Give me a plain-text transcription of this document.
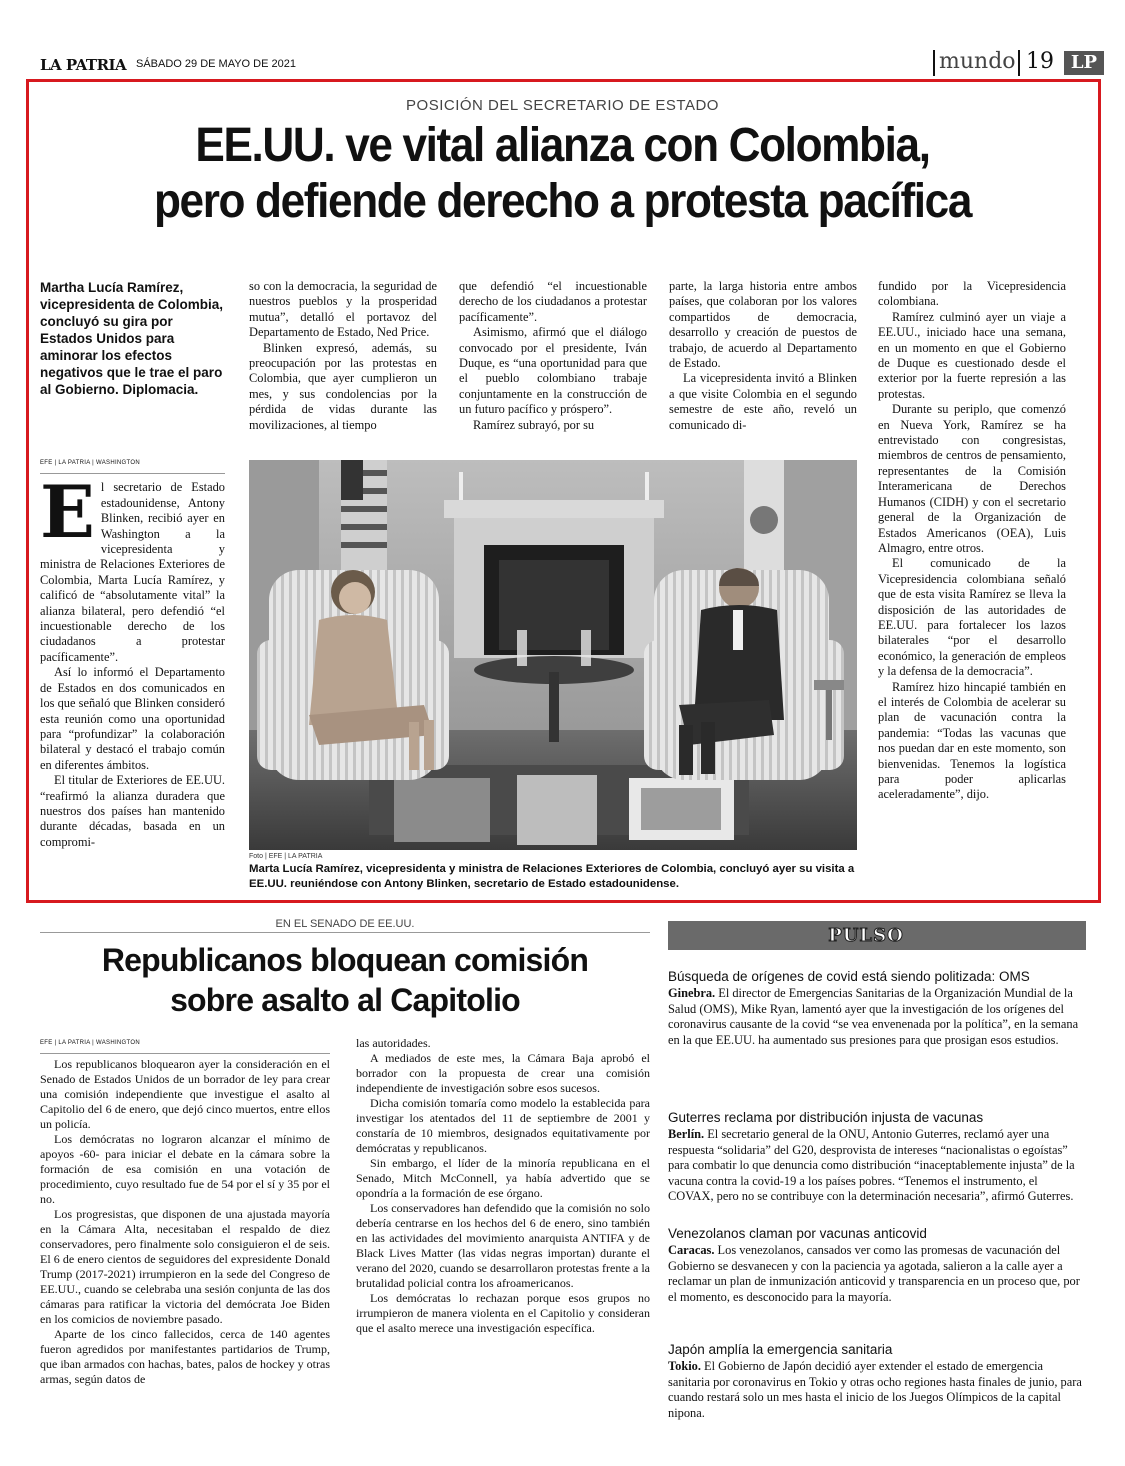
LA PATRIA SÁBADO 29 DE MAYO DE 2021	mundo 19 LP
POSICIÓN DEL SECRETARIO DE ESTADO
EE.UU. ve vital alianza con Colombia,
pero defiende derecho a protesta pacífica
Martha Lucía Ramírez, vicepresidenta de Colombia, concluyó su gira por Estados Unidos para aminorar los efectos negativos que le trae el paro al Gobierno. Diplomacia.
EFE | LA PATRIA | WASHINGTON
E l secretario de Estado estadounidense, Antony Blinken, recibió ayer en Washington a la vicepresidenta y ministra de Relaciones Exteriores de Colombia, Marta Lucía Ramírez, y calificó de “absolutamente vital” la alianza bilateral, pero defendió “el incuestionable derecho de los ciudadanos a protestar pacíficamente”.

Así lo informó el Departamento de Estados en dos comunicados en los que señaló que Blinken consideró esta reunión como una oportunidad para “profundizar” la colaboración bilateral y destacó el trabajo común en diferentes ámbitos.

El titular de Exteriores de EE.UU. “reafirmó la alianza duradera que nuestros dos países han mantenido durante décadas, basada en un compromi-

so con la democracia, la seguridad de nuestros pueblos y la prosperidad mutua”, detalló el portavoz del Departamento de Estado, Ned Price.

Blinken expresó, además, su preocupación por las protestas en Colombia, que ayer cumplieron un mes, y sus condolencias por la pérdida de vidas durante las movilizaciones, al tiempo

que defendió “el incuestionable derecho de los ciudadanos a protestar pacíficamente”.

Asimismo, afirmó que el diálogo convocado por el presidente, Iván Duque, es “una oportunidad para que el pueblo colombiano trabaje conjuntamente en la construcción de un futuro pacífico y próspero”.

Ramírez subrayó, por su

parte, la larga historia entre ambos países, que colaboran por los valores compartidos de democracia, desarrollo y creación de puestos de trabajo, de acuerdo al Departamento de Estado.

La vicepresidenta invitó a Blinken a que visite Colombia en el segundo semestre de este año, reveló un comunicado di-

fundido por la Vicepresidencia colombiana.

Ramírez culminó ayer un viaje a EE.UU., iniciado hace una semana, en un momento en que el Gobierno de Duque es cuestionado desde el exterior por la fuerte represión a las protestas.

Durante su periplo, que comenzó en Nueva York, Ramírez se ha entrevistado con congresistas, miembros de centros de pensamiento, representantes de la Comisión Interamericana de Derechos Humanos (CIDH) y con el secretario general de la Organización de Estados Americanos (OEA), Luis Almagro, entre otros.

El comunicado de la Vicepresidencia colombiana señaló que de esta visita Ramírez se lleva la disposición de las autoridades de EE.UU. para fortalecer los lazos bilaterales “por el desarrollo económico, la generación de empleos y la defensa de la democracia”.

Ramírez hizo hincapié también en el interés de Colombia de acelerar su plan de vacunación contra la pandemia: “Todas las vacunas que nos puedan dar en este momento, son bienvenidas. Tenemos la logística para poder aplicarlas aceleradamente”, dijo.

Foto | EFE | LA PATRIA
Marta Lucía Ramírez, vicepresidenta y ministra de Relaciones Exteriores de Colombia, concluyó ayer su visita a EE.UU. reuniéndose con Antony Blinken, secretario de Estado estadounidense.
EN EL SENADO DE EE.UU.
Republicanos bloquean comisión
sobre asalto al Capitolio
EFE | LA PATRIA | WASHINGTON

Los republicanos bloquearon ayer la consideración en el Senado de Estados Unidos de un borrador de ley para crear una comisión independiente que investigue el asalto al Capitolio del 6 de enero, que dejó cinco muertos, entre ellos un policía.

Los demócratas no lograron alcanzar el mínimo de apoyos -60- para iniciar el debate en la cámara sobre la formación de esa comisión en una votación de procedimiento, cuyo resultado fue de 54 por el sí y 35 por el no.

Los progresistas, que disponen de una ajustada mayoría en la Cámara Alta, necesitaban el respaldo de diez conservadores, pero finalmente solo consiguieron el de seis. El 6 de enero cientos de seguidores del expresidente Donald Trump (2017-2021) irrumpieron en la sede del Congreso de EE.UU., cuando se celebraba una sesión conjunta de las dos cámaras para ratificar la victoria del demócrata Joe Biden en los comicios de noviembre pasado.

Aparte de los cinco fallecidos, cerca de 140 agentes fueron agredidos por manifestantes partidarios de Trump, que iban armados con hachas, bates, palos de hockey y otras armas, según datos de

las autoridades.

A mediados de este mes, la Cámara Baja aprobó el borrador con la propuesta de crear una comisión independiente de investigación sobre esos sucesos.

Dicha comisión tomaría como modelo la establecida para investigar los atentados del 11 de septiembre de 2001 y constaría de 10 miembros, designados equitativamente por demócratas y republicanos.

Sin embargo, el líder de la minoría republicana en el Senado, Mitch McConnell, ya había advertido que se opondría a la formación de ese órgano.

Los conservadores han defendido que la comisión no solo debería centrarse en los hechos del 6 de enero, sino también en las actividades del movimiento anarquista ANTIFA y de Black Lives Matter (las vidas negras importan) durante el verano del 2020, cuando se desarrollaron protestas frente a la brutalidad policial contra los afroamericanos.

Los demócratas lo rechazan porque esos grupos no irrumpieron de manera violenta en el Capitolio y consideran que el asalto merece una investigación específica.

PULSO
Búsqueda de orígenes de covid está siendo politizada: OMS

Ginebra. El director de Emergencias Sanitarias de la Organización Mundial de la Salud (OMS), Mike Ryan, lamentó ayer que la investigación de los orígenes del coronavirus causante de la covid “se vea envenenada por la política”, en la semana en la que EE.UU. ha aumentado sus presiones para que prosigan esos estudios.

Guterres reclama por distribución injusta de vacunas

Berlín. El secretario general de la ONU, Antonio Guterres, reclamó ayer una respuesta “solidaria” del G20, desprovista de intereses “nacionalistas o egoístas” para combatir lo que denuncia como distribución “inaceptablemente injusta” de la vacuna contra la covid-19 a los países pobres. “Tenemos el instrumento, el COVAX, pero no se contribuye con la determinación necesaria”, afirmó Guterres.

Venezolanos claman por vacunas anticovid

Caracas. Los venezolanos, cansados ver como las promesas de vacunación del Gobierno se desvanecen y con la paciencia ya agotada, salieron a la calle ayer a reclamar un plan de inmunización anticovid y transparencia en un proceso que, por el momento, es desconocido para la mayoría.

Japón amplía la emergencia sanitaria

Tokio. El Gobierno de Japón decidió ayer extender el estado de emergencia sanitaria por coronavirus en Tokio y otras ocho regiones hasta finales de junio, para cuando restará solo un mes hasta el inicio de los Juegos Olímpicos de la capital nipona.
